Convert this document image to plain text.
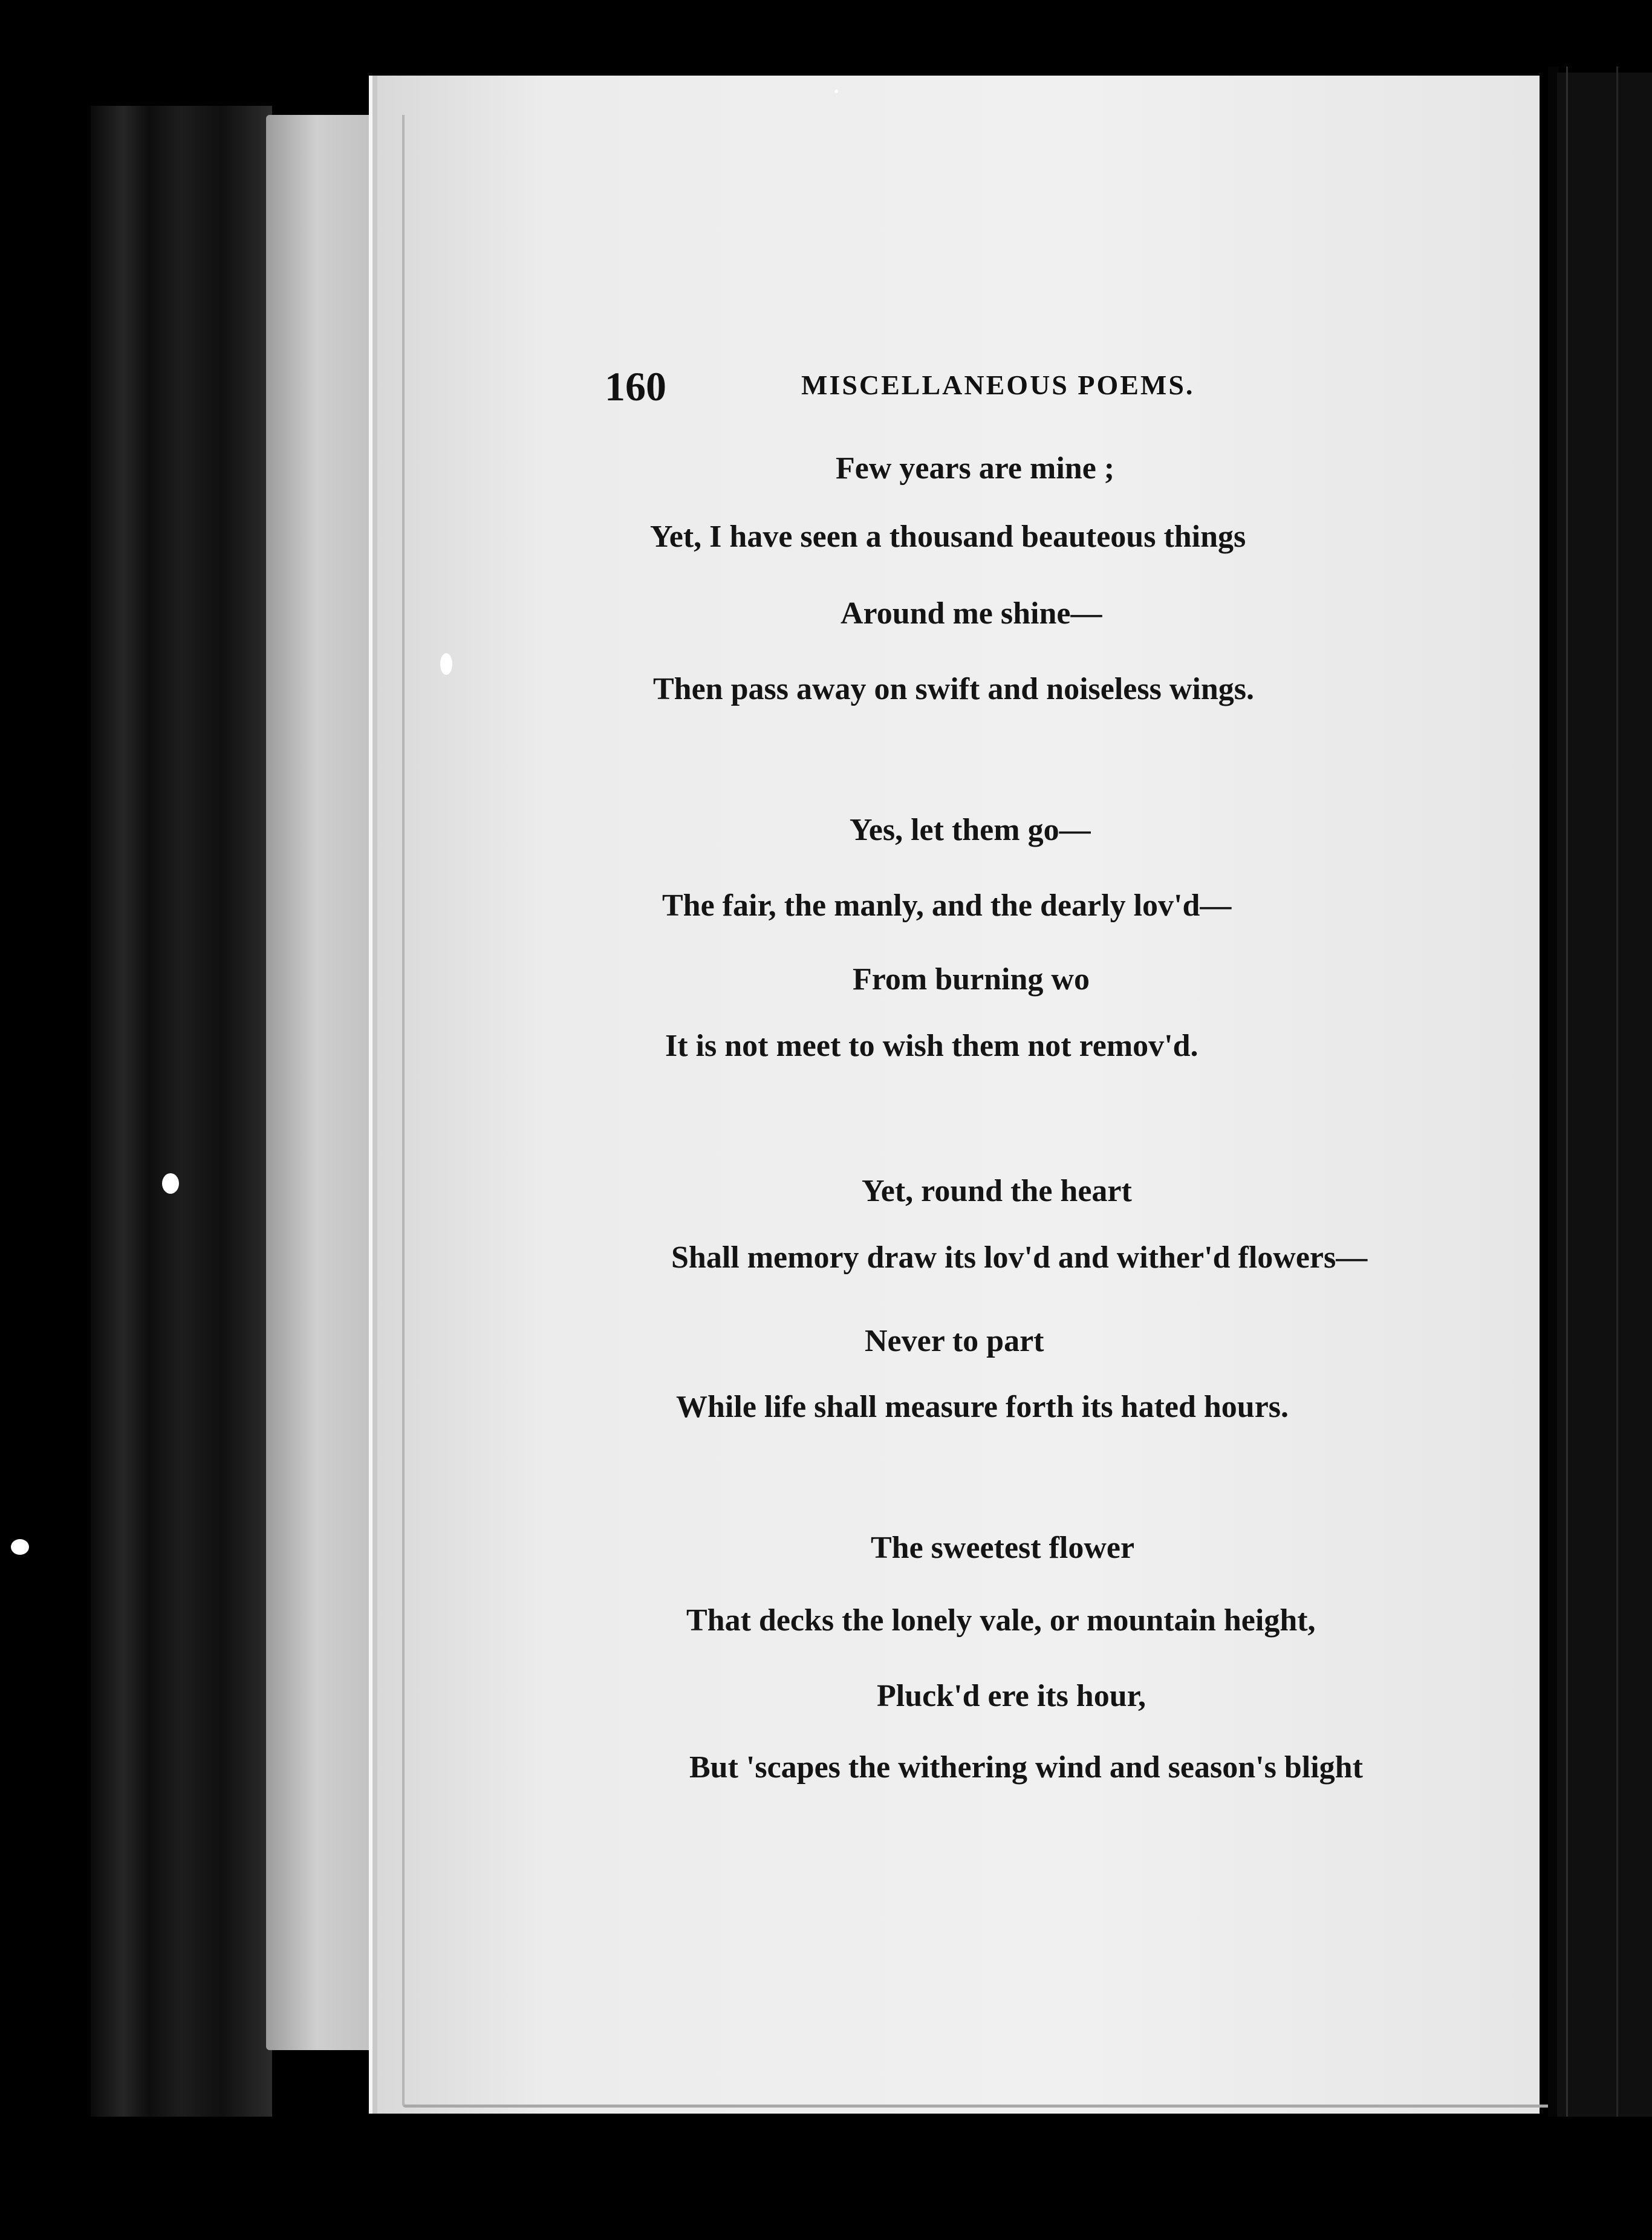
160	MISCELLANEOUS POEMS.
Few years are mine ;
Yet, I have seen a thousand beauteous things
Around me shine—
Then pass away on swift and noiseless wings.
Yes, let them go—
The fair, the manly, and the dearly lov'd—
From burning wo
It is not meet to wish them not remov'd.
Yet, round the heart
Shall memory draw its lov'd and wither'd flowers—
Never to part
While life shall measure forth its hated hours.
The sweetest flower
That decks the lonely vale, or mountain height,
Pluck'd ere its hour,
But 'scapes the withering wind and season's blight
